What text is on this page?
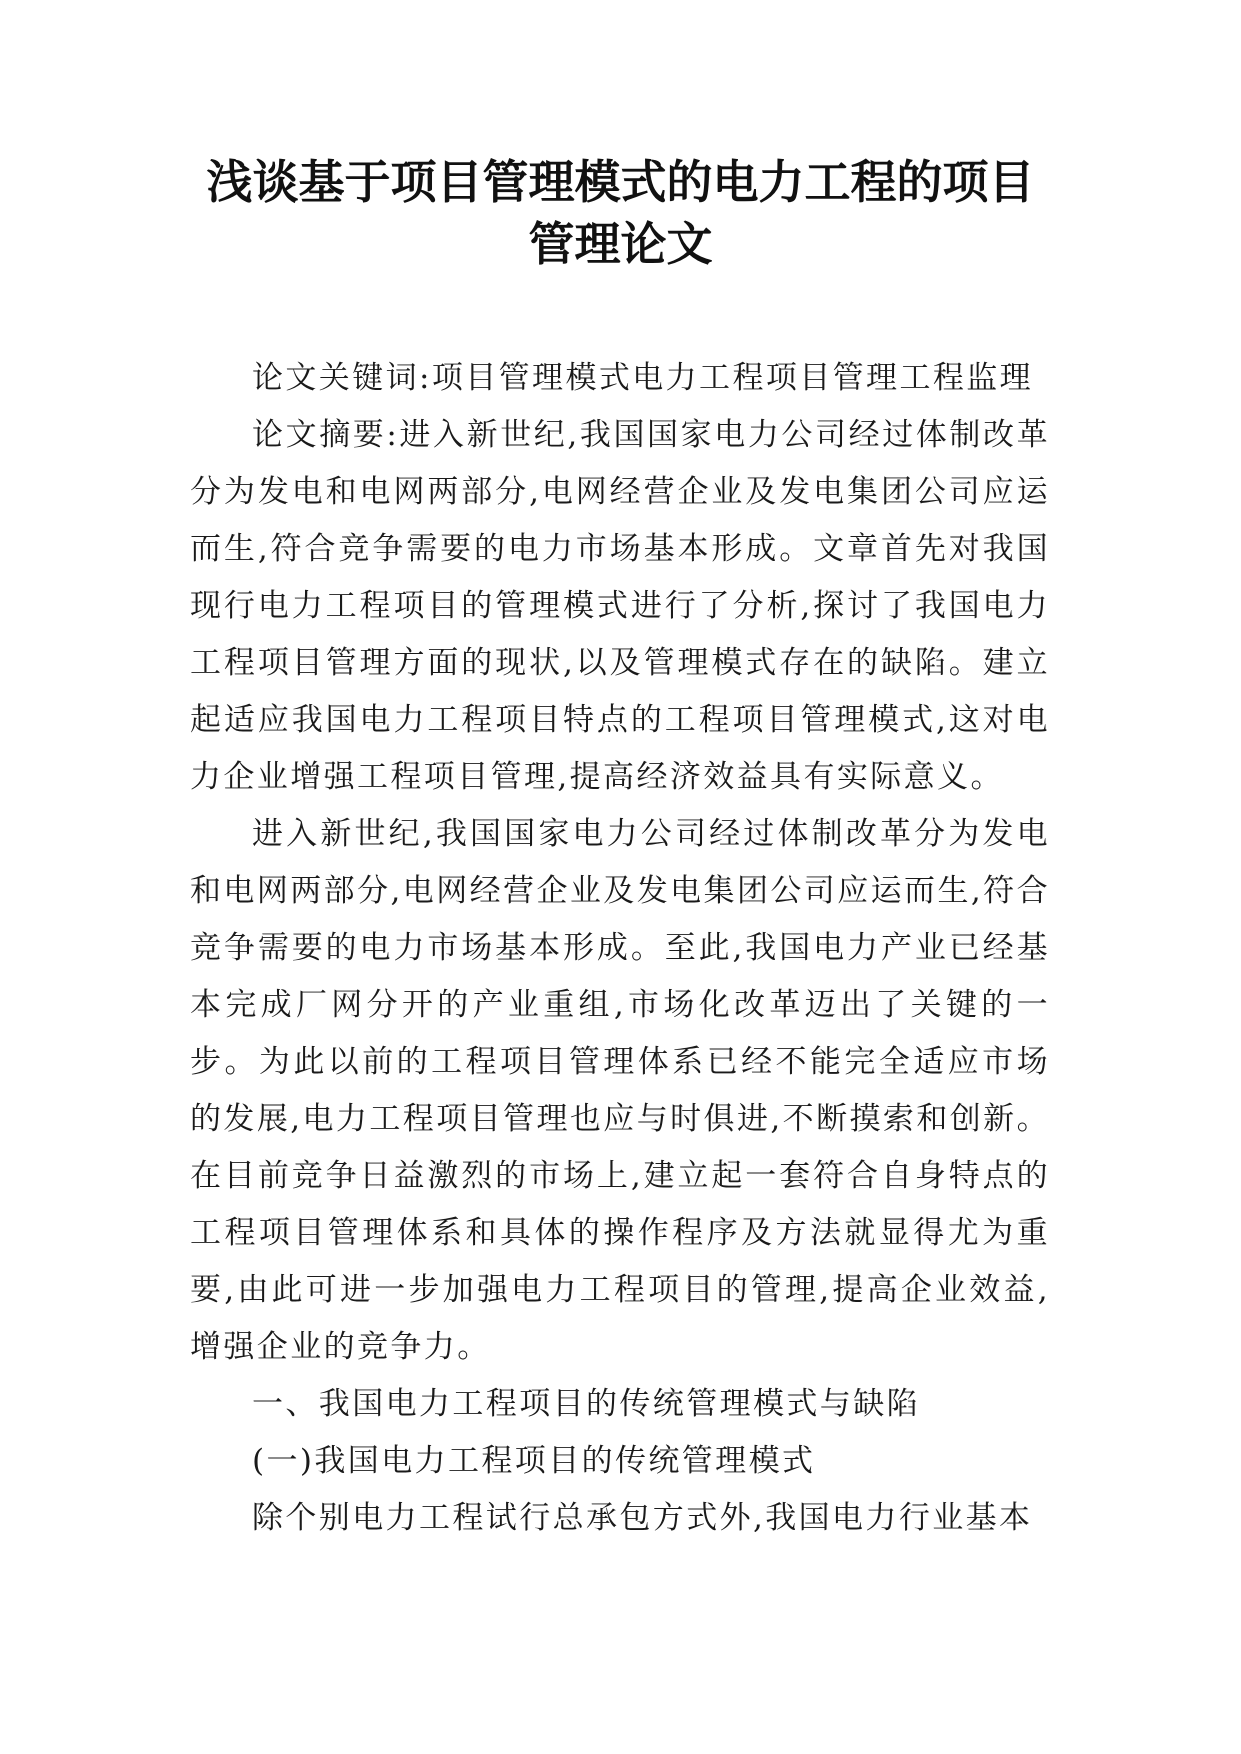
浅谈基于项目管理模式的电力工程的项目
管理论文

论文关键词:项目管理模式电力工程项目管理工程监理

论文摘要:进入新世纪,我国国家电力公司经过体制改革分为发电和电网两部分,电网经营企业及发电集团公司应运而生,符合竞争需要的电力市场基本形成。文章首先对我国现行电力工程项目的管理模式进行了分析,探讨了我国电力工程项目管理方面的现状,以及管理模式存在的缺陷。建立起适应我国电力工程项目特点的工程项目管理模式,这对电力企业增强工程项目管理,提高经济效益具有实际意义。

进入新世纪,我国国家电力公司经过体制改革分为发电和电网两部分,电网经营企业及发电集团公司应运而生,符合竞争需要的电力市场基本形成。至此,我国电力产业已经基本完成厂网分开的产业重组,市场化改革迈出了关键的一步。为此以前的工程项目管理体系已经不能完全适应市场的发展,电力工程项目管理也应与时俱进,不断摸索和创新。在目前竞争日益激烈的市场上,建立起一套符合自身特点的工程项目管理体系和具体的操作程序及方法就显得尤为重要,由此可进一步加强电力工程项目的管理,提高企业效益,增强企业的竞争力。

一、我国电力工程项目的传统管理模式与缺陷

(一)我国电力工程项目的传统管理模式

除个别电力工程试行总承包方式外,我国电力行业基本
